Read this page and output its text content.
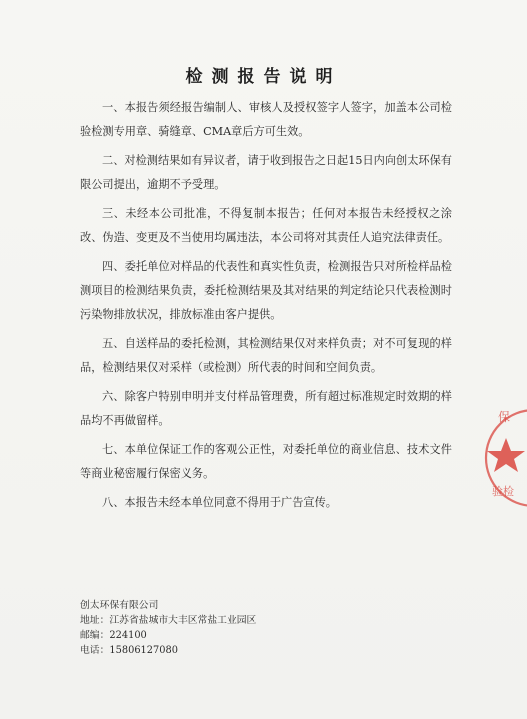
检测报告说明

一、本报告须经报告编制人、审核人及授权签字人签字，加盖本公司检验检测专用章、骑缝章、CMA章后方可生效。

二、对检测结果如有异议者，请于收到报告之日起15日内向创太环保有限公司提出，逾期不予受理。

三、未经本公司批准，不得复制本报告；任何对本报告未经授权之涂改、伪造、变更及不当使用均属违法，本公司将对其责任人追究法律责任。

四、委托单位对样品的代表性和真实性负责，检测报告只对所检样品检测项目的检测结果负责，委托检测结果及其对结果的判定结论只代表检测时污染物排放状况，排放标准由客户提供。

五、自送样品的委托检测，其检测结果仅对来样负责；对不可复现的样品，检测结果仅对采样（或检测）所代表的时间和空间负责。

六、除客户特别申明并支付样品管理费，所有超过标准规定时效期的样品均不再做留样。

七、本单位保证工作的客观公正性，对委托单位的商业信息、技术文件等商业秘密履行保密义务。

八、本报告未经本单位同意不得用于广告宣传。

创太环保有限公司
地址：江苏省盐城市大丰区常盐工业园区
邮编：224100
电话：15806127080
保
验检
